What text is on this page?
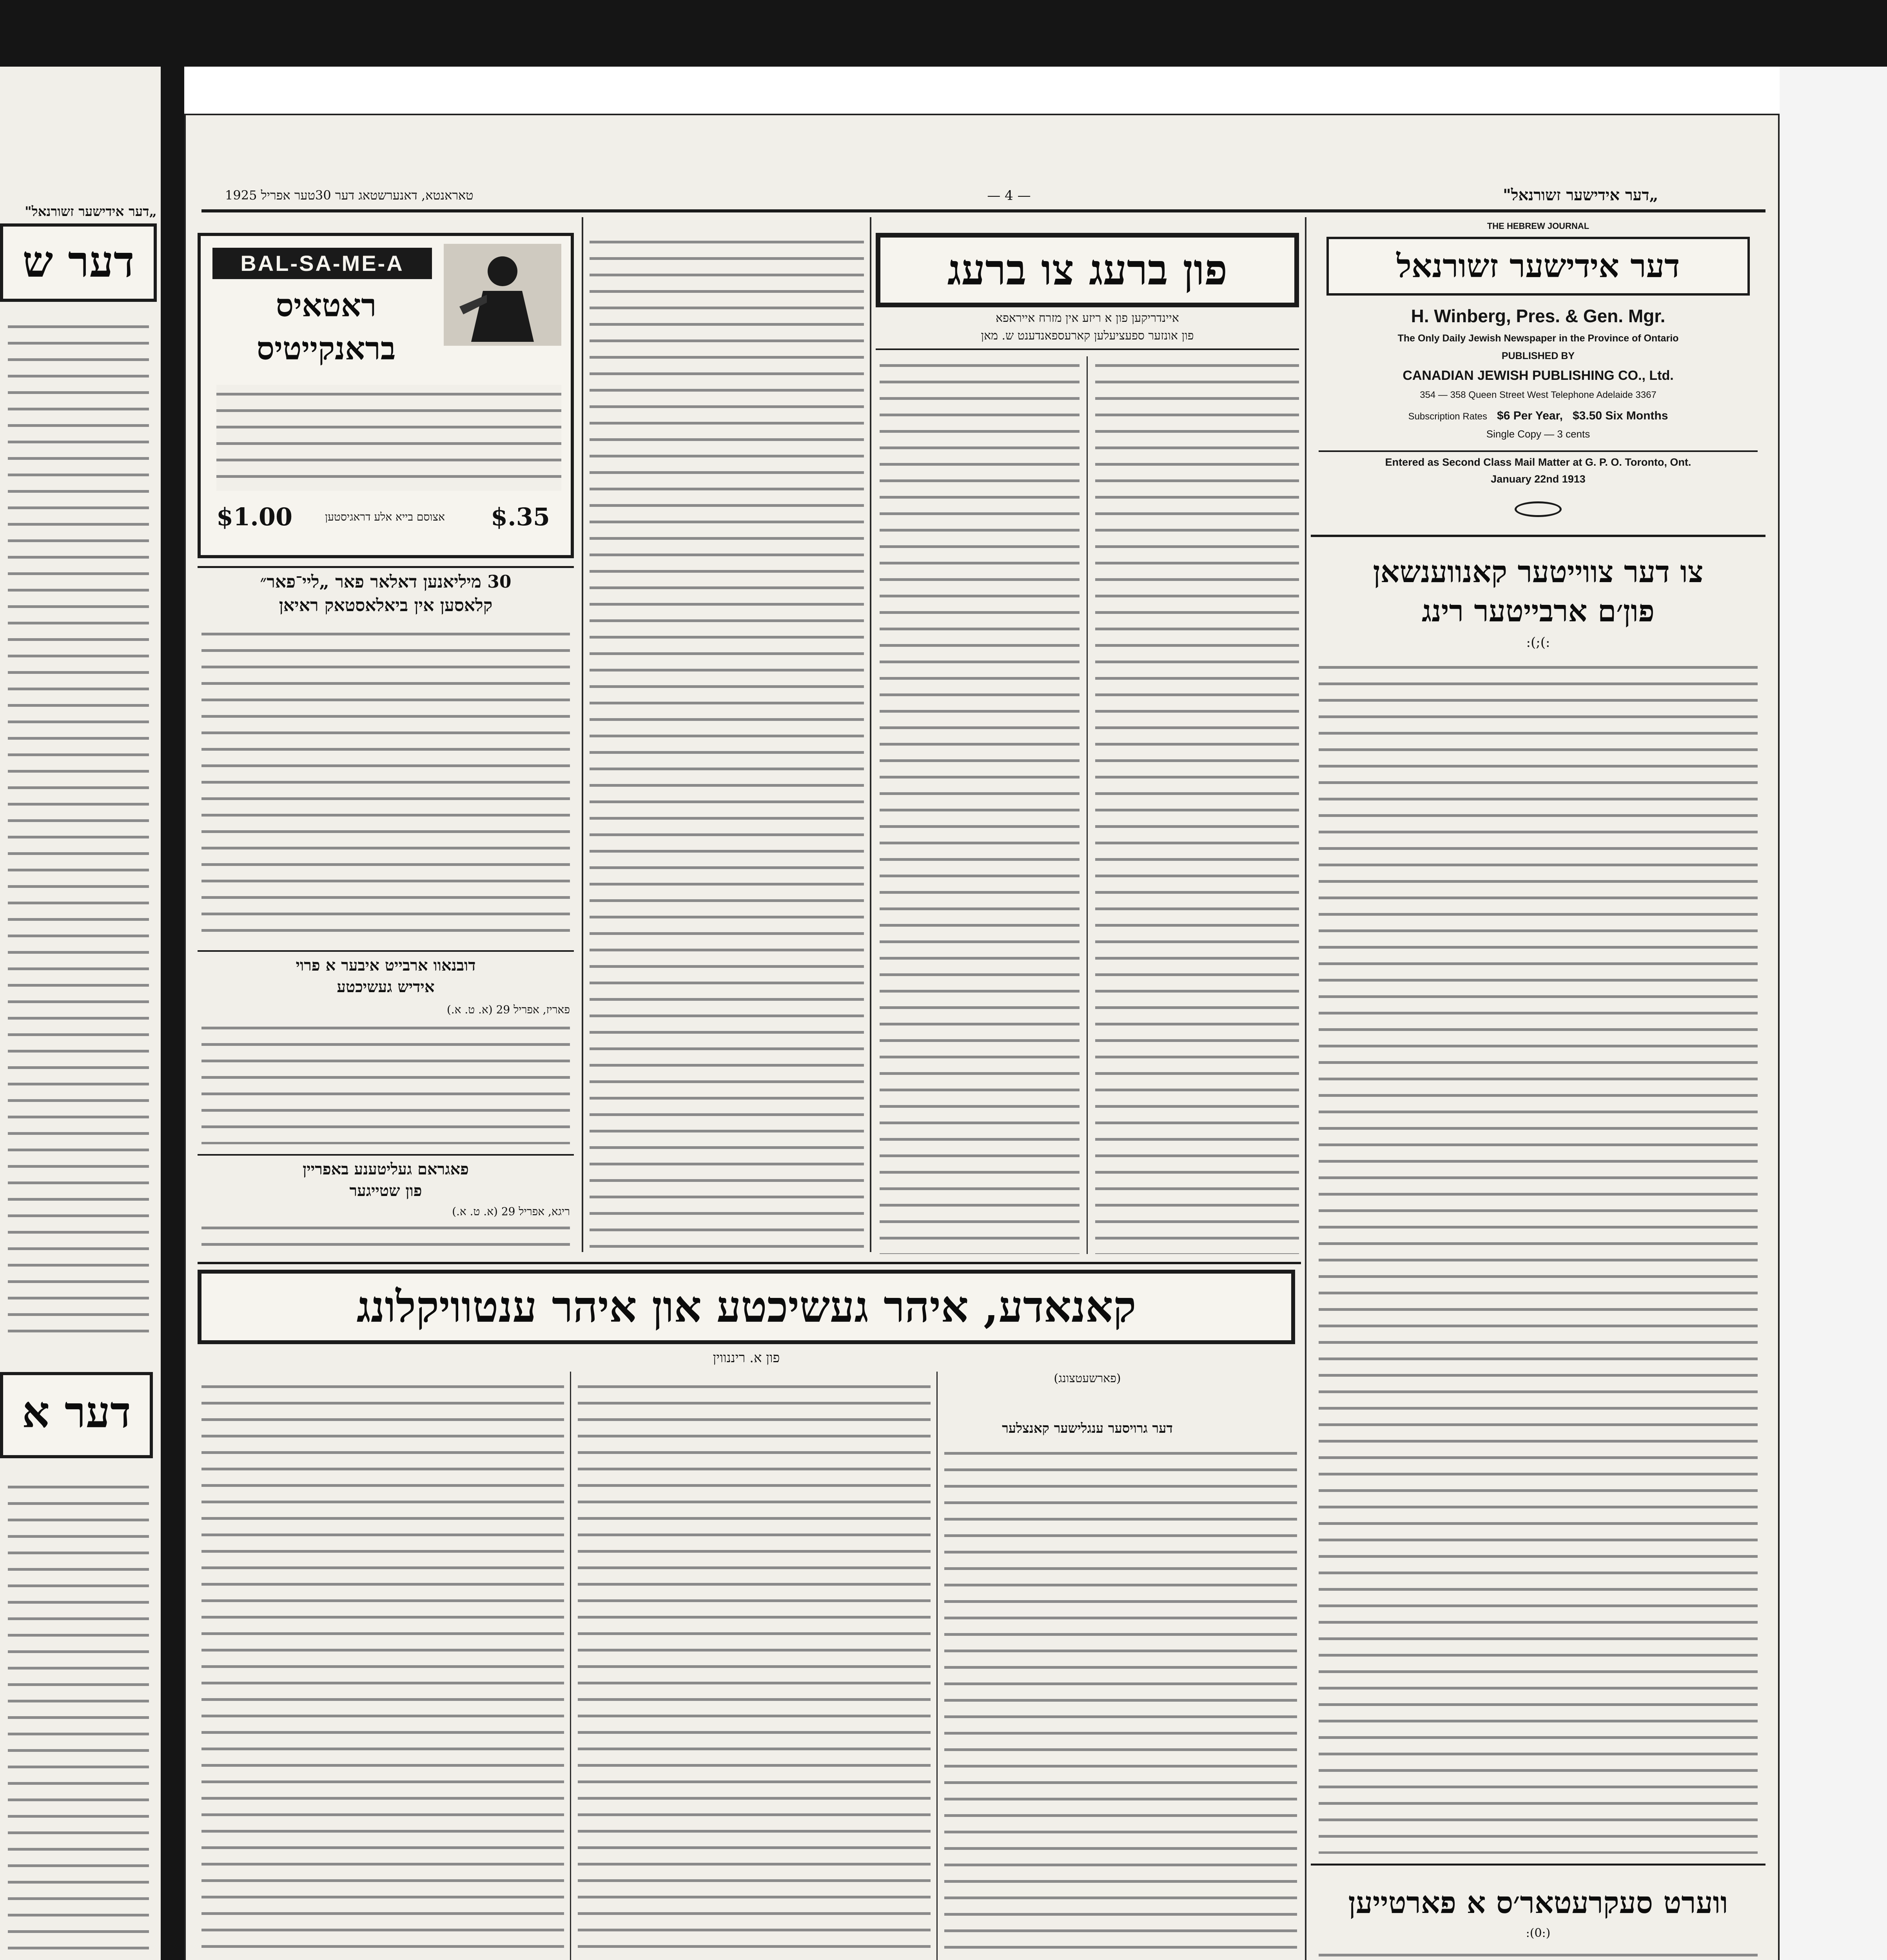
„דער אידישער זשורנאל"
דער ש
דער א
„דער אידישער זשורנאל"
— 4 —
טאראנטא, דאנערשטאג דער 30טער אפריל 1925
THE HEBREW JOURNAL
דער אידישער זשורנאל
H. Winberg, Pres. & Gen. Mgr.
The Only Daily Jewish Newspaper in the Province of Ontario
PUBLISHED BY
CANADIAN JEWISH PUBLISHING CO., Ltd.
354 — 358 Queen Street West Telephone Adelaide 3367
Subscription Rates $6 Per Year, $3.50 Six Months
Single Copy — 3 cents
Entered as Second Class Mail Matter at G. P. O. Toronto, Ont.
January 22nd 1913
צו דער צווייטער קאנווענשאן
פון׳ם ארבייטער רינג
:(;(:
ווערט סעקרעטאר׳ס א פארטייען
:(0:)
פון ברעג צו ברעג
איינדריקען פון א ריזע אין מזרח אייראפא
פון אונזער ספעציעלען קארעספאנדענט ש. מאן
BAL-SA-ME-A
ראטאיס
בראנקייטיס
$1.00	אצוסם בייא אלע דראגיסטען	$.35
30 מיליאנען דאלאר פאר „ליי־פאר״
קלאסען אין ביאלאסטאק ראיאן
דובנאוו ארבייט איבער א פרוי
אידיש געשיכטע
פאריז, אפריל 29 (א. ט. א.)
פאגראם געליטענע באפריין
פון שטייגער
ריגא, אפריל 29 (א. ט. א.)
קאנאדע, איהר געשיכטע און איהר ענטוויקלונג
פון א. ריננווין
(פארשעטצונג)
דער גרויסער ענגלישער קאנצלער
